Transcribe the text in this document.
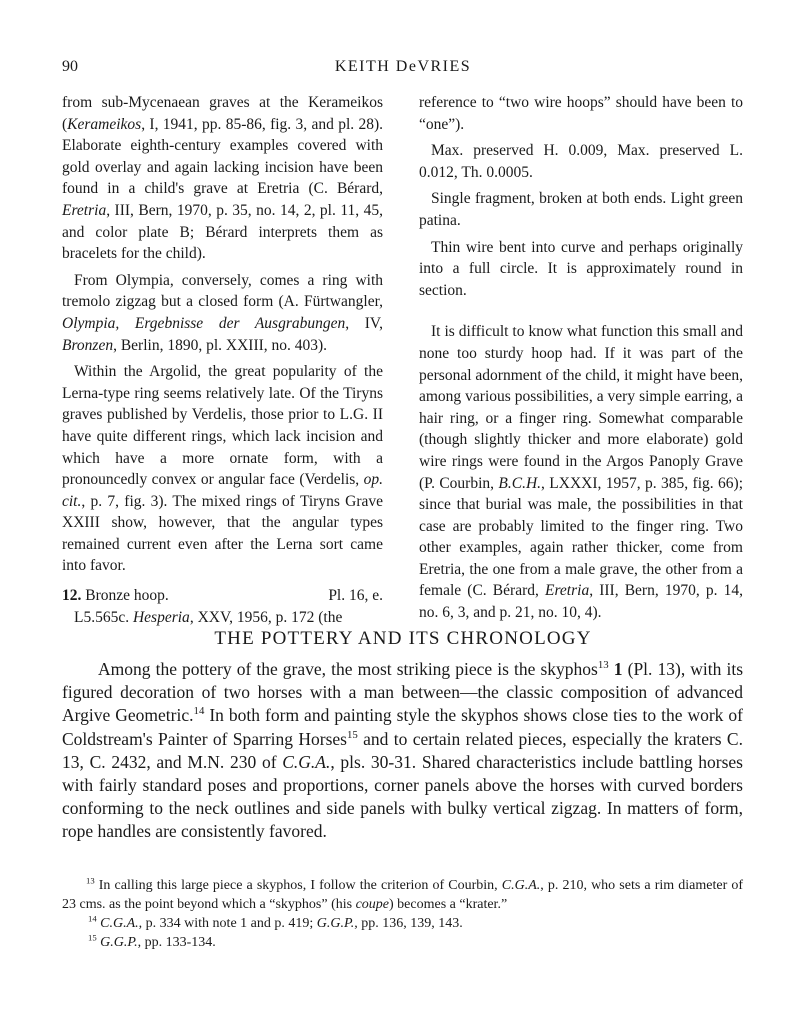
90	KEITH DeVRIES

from sub-Mycenaean graves at the Kerameikos (Kerameikos, I, 1941, pp. 85-86, fig. 3, and pl. 28). Elaborate eighth-century examples covered with gold overlay and again lacking incision have been found in a child's grave at Eretria (C. Bérard, Eretria, III, Bern, 1970, p. 35, no. 14, 2, pl. 11, 45, and color plate B; Bérard interprets them as bracelets for the child).

From Olympia, conversely, comes a ring with tremolo zigzag but a closed form (A. Fürtwangler, Olympia, Ergebnisse der Ausgrabungen, IV, Bronzen, Berlin, 1890, pl. XXIII, no. 403).

Within the Argolid, the great popularity of the Lerna-type ring seems relatively late. Of the Tiryns graves published by Verdelis, those prior to L.G. II have quite different rings, which lack incision and which have a more ornate form, with a pronouncedly convex or angular face (Verdelis, op. cit., p. 7, fig. 3). The mixed rings of Tiryns Grave XXIII show, however, that the angular types remained current even after the Lerna sort came into favor.

12. Bronze hoop.	Pl. 16, e.

L5.565c. Hesperia, XXV, 1956, p. 172 (the

reference to “two wire hoops” should have been to “one”).

Max. preserved H. 0.009, Max. preserved L. 0.012, Th. 0.0005.

Single fragment, broken at both ends. Light green patina.

Thin wire bent into curve and perhaps originally into a full circle. It is approximately round in section.

It is difficult to know what function this small and none too sturdy hoop had. If it was part of the personal adornment of the child, it might have been, among various possibilities, a very simple earring, a hair ring, or a finger ring. Somewhat comparable (though slightly thicker and more elaborate) gold wire rings were found in the Argos Panoply Grave (P. Courbin, B.C.H., LXXXI, 1957, p. 385, fig. 66); since that burial was male, the possibilities in that case are probably limited to the finger ring. Two other examples, again rather thicker, come from Eretria, the one from a male grave, the other from a female (C. Bérard, Eretria, III, Bern, 1970, p. 14, no. 6, 3, and p. 21, no. 10, 4).

THE POTTERY AND ITS CHRONOLOGY

Among the pottery of the grave, the most striking piece is the skyphos$^{13}$ 1 (Pl. 13), with its figured decoration of two horses with a man between—the classic composition of advanced Argive Geometric.$^{14}$ In both form and painting style the skyphos shows close ties to the work of Coldstream's Painter of Sparring Horses$^{15}$ and to certain related pieces, especially the kraters C. 13, C. 2432, and M.N. 230 of C.G.A., pls. 30-31. Shared characteristics include battling horses with fairly standard poses and proportions, corner panels above the horses with curved borders conforming to the neck outlines and side panels with bulky vertical zigzag. In matters of form, rope handles are consistently favored.

$^{13}$ In calling this large piece a skyphos, I follow the criterion of Courbin, C.G.A., p. 210, who sets a rim diameter of 23 cms. as the point beyond which a “skyphos” (his coupe) becomes a “krater.”

$^{14}$ C.G.A., p. 334 with note 1 and p. 419; G.G.P., pp. 136, 139, 143.

$^{15}$ G.G.P., pp. 133-134.
